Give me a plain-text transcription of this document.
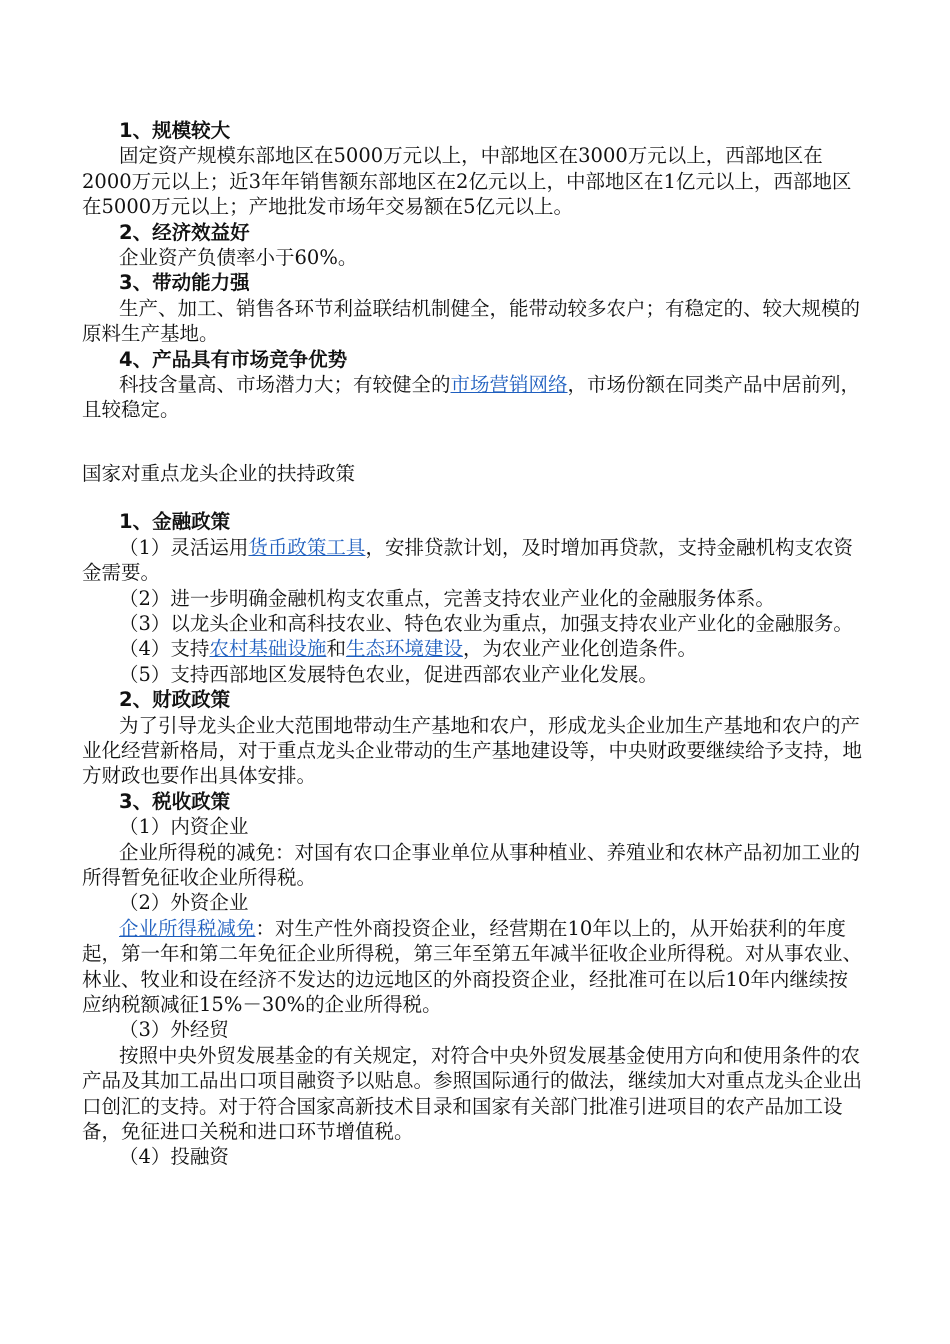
1、规模较大

固定资产规模东部地区在5000万元以上，中部地区在3000万元以上，西部地区在2000万元以上；近3年年销售额东部地区在2亿元以上，中部地区在1亿元以上，西部地区在5000万元以上；产地批发市场年交易额在5亿元以上。

2、经济效益好

企业资产负债率小于60%。

3、带动能力强

生产、加工、销售各环节利益联结机制健全，能带动较多农户；有稳定的、较大规模的原料生产基地。

4、产品具有市场竞争优势

科技含量高、市场潜力大；有较健全的市场营销网络，市场份额在同类产品中居前列，且较稳定。

国家对重点龙头企业的扶持政策

1、金融政策

（1）灵活运用货币政策工具，安排贷款计划，及时增加再贷款，支持金融机构支农资金需要。

（2）进一步明确金融机构支农重点，完善支持农业产业化的金融服务体系。

（3）以龙头企业和高科技农业、特色农业为重点，加强支持农业产业化的金融服务。

（4）支持农村基础设施和生态环境建设，为农业产业化创造条件。

（5）支持西部地区发展特色农业，促进西部农业产业化发展。

2、财政政策

为了引导龙头企业大范围地带动生产基地和农户，形成龙头企业加生产基地和农户的产业化经营新格局，对于重点龙头企业带动的生产基地建设等，中央财政要继续给予支持，地方财政也要作出具体安排。

3、税收政策

（1）内资企业

企业所得税的减免：对国有农口企事业单位从事种植业、养殖业和农林产品初加工业的所得暂免征收企业所得税。

（2）外资企业

企业所得税减免：对生产性外商投资企业，经营期在10年以上的，从开始获利的年度起，第一年和第二年免征企业所得税，第三年至第五年减半征收企业所得税。对从事农业、林业、牧业和设在经济不发达的边远地区的外商投资企业，经批准可在以后10年内继续按应纳税额减征15%－30%的企业所得税。

（3）外经贸

按照中央外贸发展基金的有关规定，对符合中央外贸发展基金使用方向和使用条件的农产品及其加工品出口项目融资予以贴息。参照国际通行的做法，继续加大对重点龙头企业出口创汇的支持。对于符合国家高新技术目录和国家有关部门批准引进项目的农产品加工设备，免征进口关税和进口环节增值税。

（4）投融资
